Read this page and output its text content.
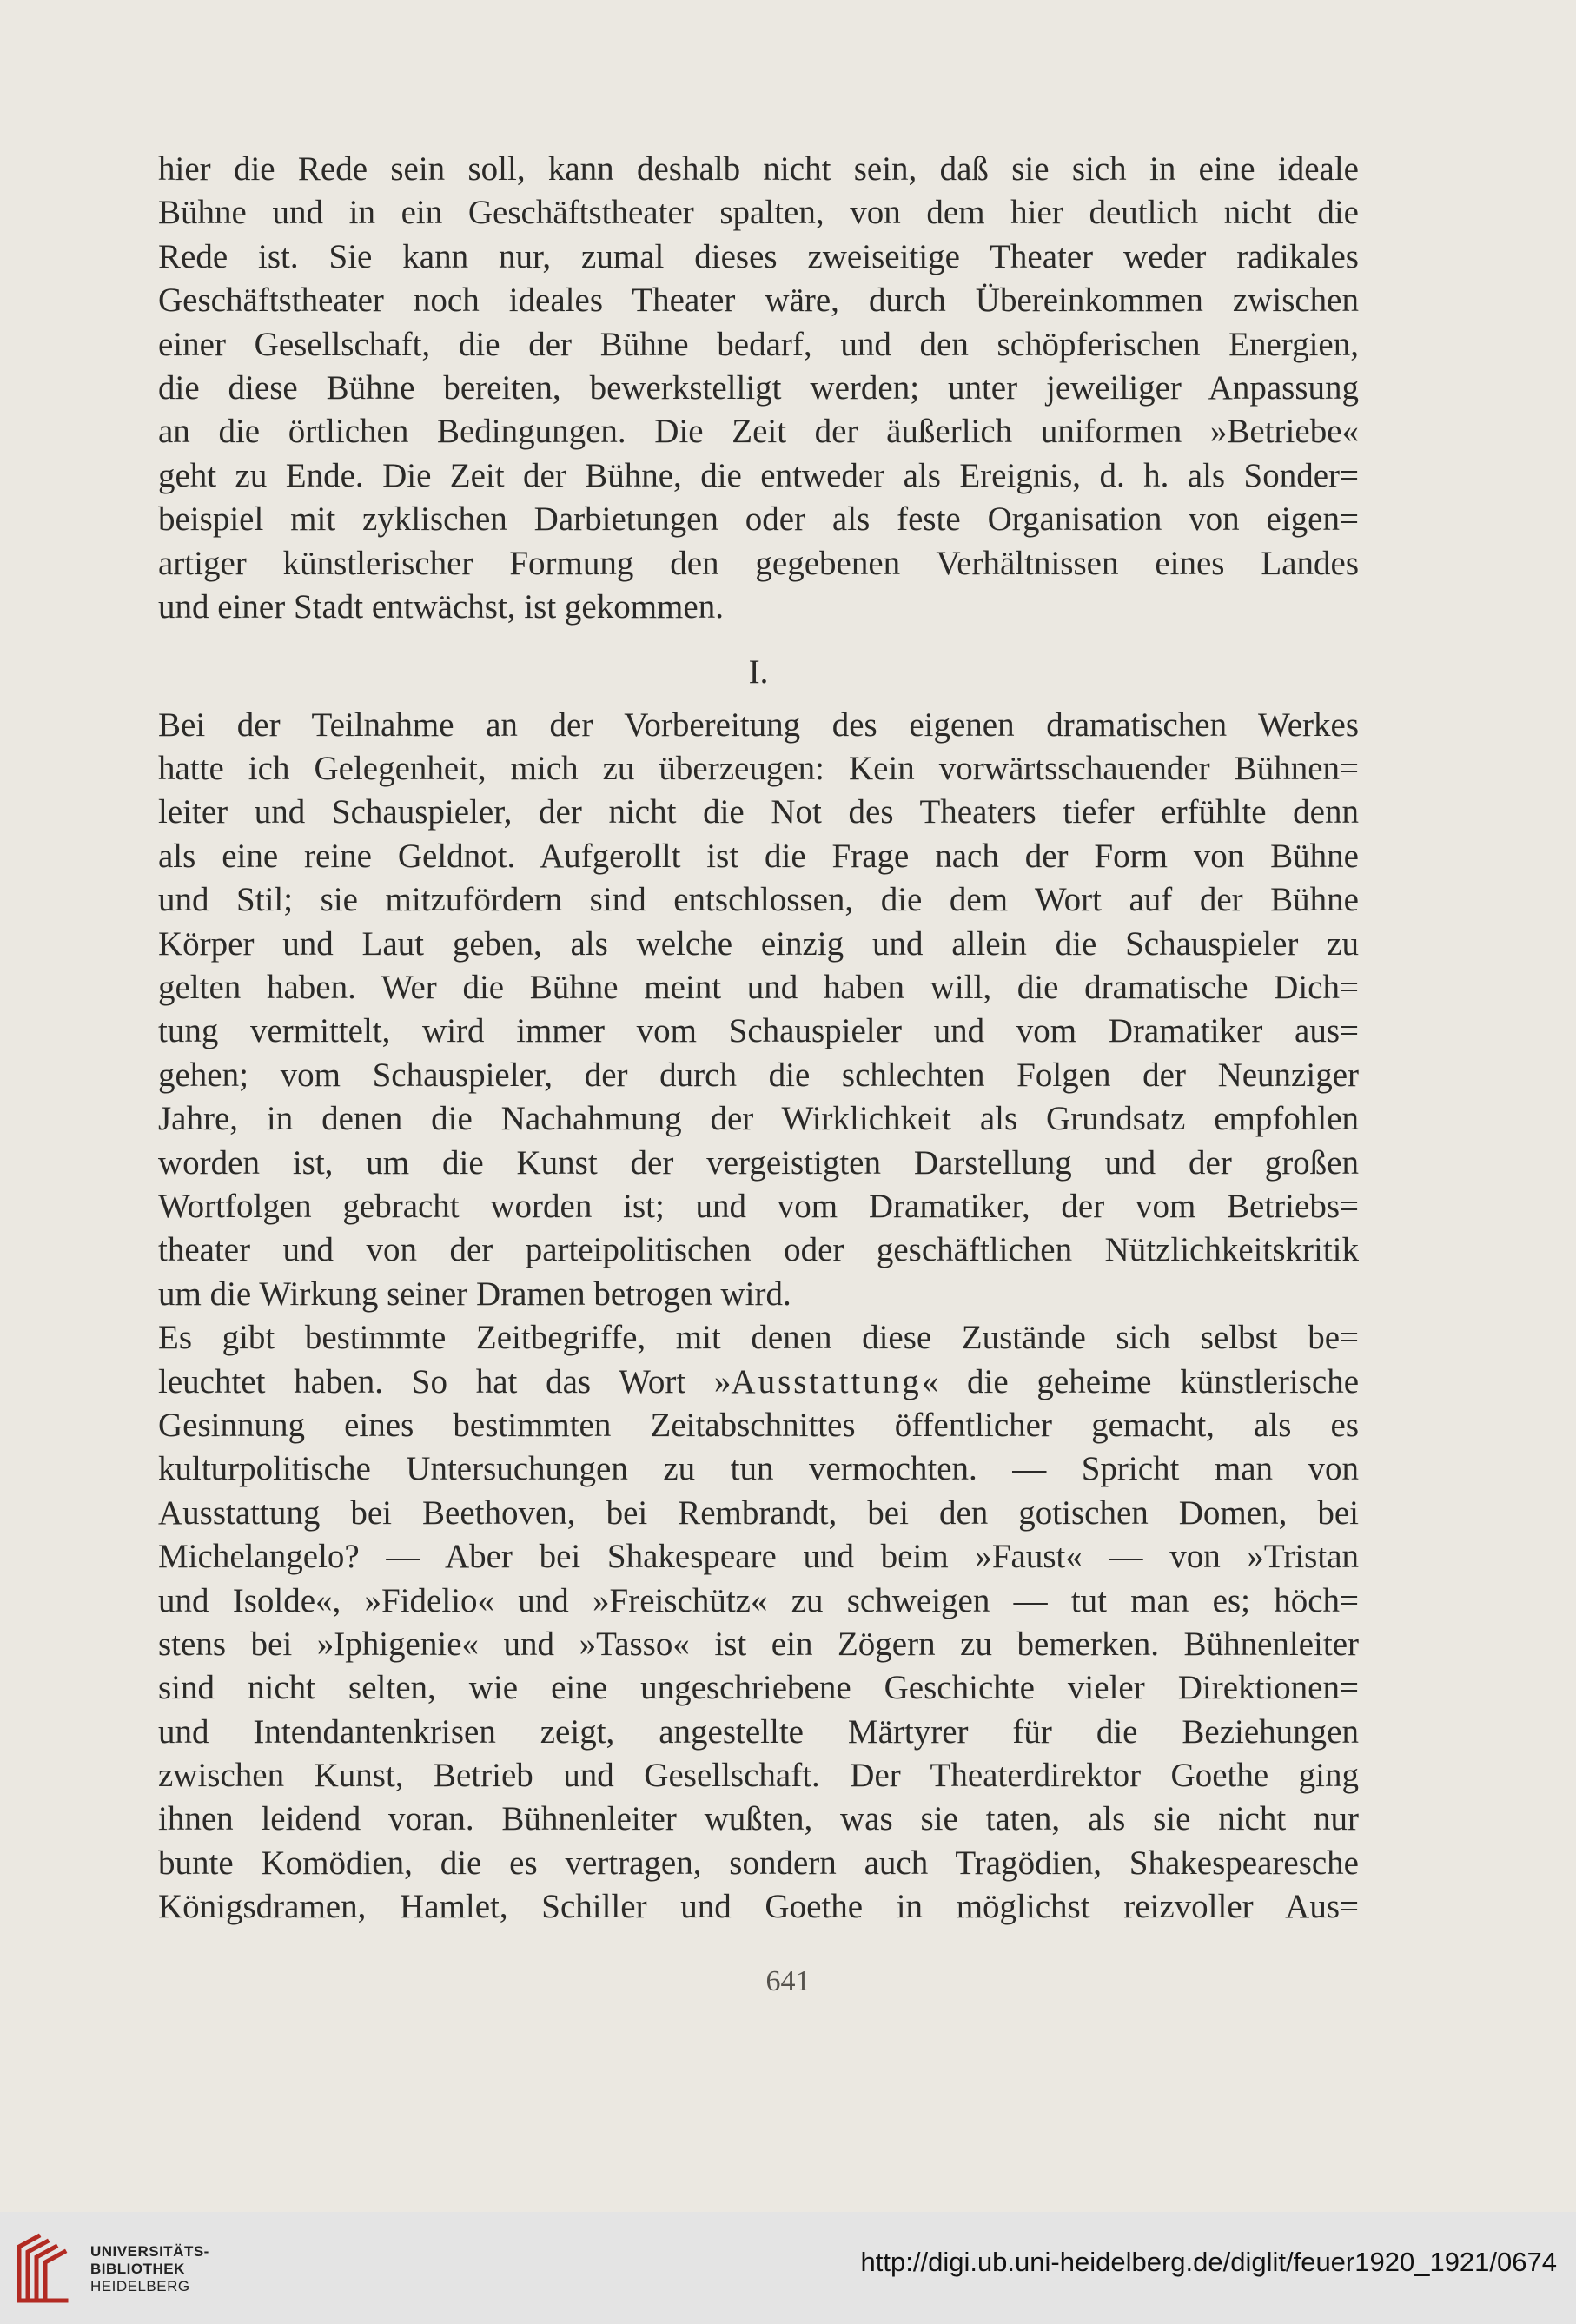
hier die Rede sein soll, kann deshalb nicht sein, daß sie sich in eine ideale
Bühne und in ein Geschäftstheater spalten, von dem hier deutlich nicht die
Rede ist. Sie kann nur, zumal dieses zweiseitige Theater weder radikales
Geschäftstheater noch ideales Theater wäre, durch Übereinkommen zwischen
einer Gesellschaft, die der Bühne bedarf, und den schöpferischen Energien,
die diese Bühne bereiten, bewerkstelligt werden; unter jeweiliger Anpassung
an die örtlichen Bedingungen. Die Zeit der äußerlich uniformen »Betriebe«
geht zu Ende. Die Zeit der Bühne, die entweder als Ereignis, d. h. als Sonder=
beispiel mit zyklischen Darbietungen oder als feste Organisation von eigen=
artiger künstlerischer Formung den gegebenen Verhältnissen eines Landes
und einer Stadt entwächst, ist gekommen.
I.
Bei der Teilnahme an der Vorbereitung des eigenen dramatischen Werkes
hatte ich Gelegenheit, mich zu überzeugen: Kein vorwärtsschauender Bühnen=
leiter und Schauspieler, der nicht die Not des Theaters tiefer erfühlte denn
als eine reine Geldnot. Aufgerollt ist die Frage nach der Form von Bühne
und Stil; sie mitzufördern sind entschlossen, die dem Wort auf der Bühne
Körper und Laut geben, als welche einzig und allein die Schauspieler zu
gelten haben. Wer die Bühne meint und haben will, die dramatische Dich=
tung vermittelt, wird immer vom Schauspieler und vom Dramatiker aus=
gehen; vom Schauspieler, der durch die schlechten Folgen der Neunziger
Jahre, in denen die Nachahmung der Wirklichkeit als Grundsatz empfohlen
worden ist, um die Kunst der vergeistigten Darstellung und der großen
Wortfolgen gebracht worden ist; und vom Dramatiker, der vom Betriebs=
theater und von der parteipolitischen oder geschäftlichen Nützlichkeitskritik
um die Wirkung seiner Dramen betrogen wird.
Es gibt bestimmte Zeitbegriffe, mit denen diese Zustände sich selbst be=
leuchtet haben. So hat das Wort »Ausstattung« die geheime künstlerische
Gesinnung eines bestimmten Zeitabschnittes öffentlicher gemacht, als es
kulturpolitische Untersuchungen zu tun vermochten. — Spricht man von
Ausstattung bei Beethoven, bei Rembrandt, bei den gotischen Domen, bei
Michelangelo? — Aber bei Shakespeare und beim »Faust« — von »Tristan
und Isolde«, »Fidelio« und »Freischütz« zu schweigen — tut man es; höch=
stens bei »Iphigenie« und »Tasso« ist ein Zögern zu bemerken. Bühnenleiter
sind nicht selten, wie eine ungeschriebene Geschichte vieler Direktionen=
und Intendantenkrisen zeigt, angestellte Märtyrer für die Beziehungen
zwischen Kunst, Betrieb und Gesellschaft. Der Theaterdirektor Goethe ging
ihnen leidend voran. Bühnenleiter wußten, was sie taten, als sie nicht nur
bunte Komödien, die es vertragen, sondern auch Tragödien, Shakespearesche
Königsdramen, Hamlet, Schiller und Goethe in möglichst reizvoller Aus=
641
UNIVERSITÄTS-
BIBLIOTHEK
HEIDELBERG
http://digi.ub.uni-heidelberg.de/diglit/feuer1920_1921/0674
